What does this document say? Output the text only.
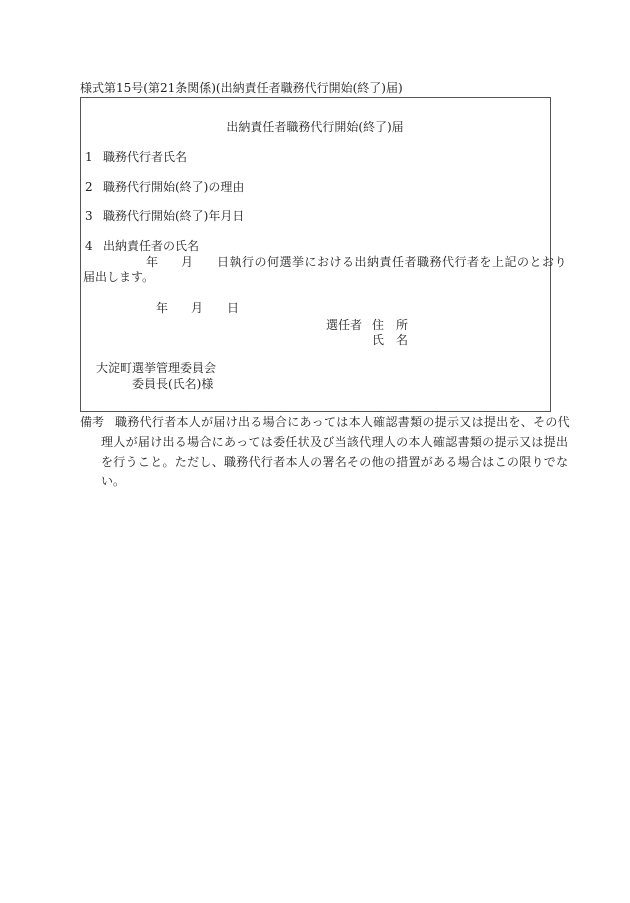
様式第15号(第21条関係)(出納責任者職務代行開始(終了)届)
出納責任者職務代行開始(終了)届
1 職務代行者氏名
2 職務代行開始(終了)の理由
3 職務代行開始(終了)年月日
4 出納責任者の氏名
年 月 日執行の何選挙における出納責任者職務代行者を上記のとおり
届出します。
年 月 日
選任者 住　所
氏　名
大淀町選挙管理委員会
委員長(氏名)様
備考 職務代行者本人が届け出る場合にあっては本人確認書類の提示又は提出を、その代
理人が届け出る場合にあっては委任状及び当該代理人の本人確認書類の提示又は提出
を行うこと。ただし、職務代行者本人の署名その他の措置がある場合はこの限りでな
い。
